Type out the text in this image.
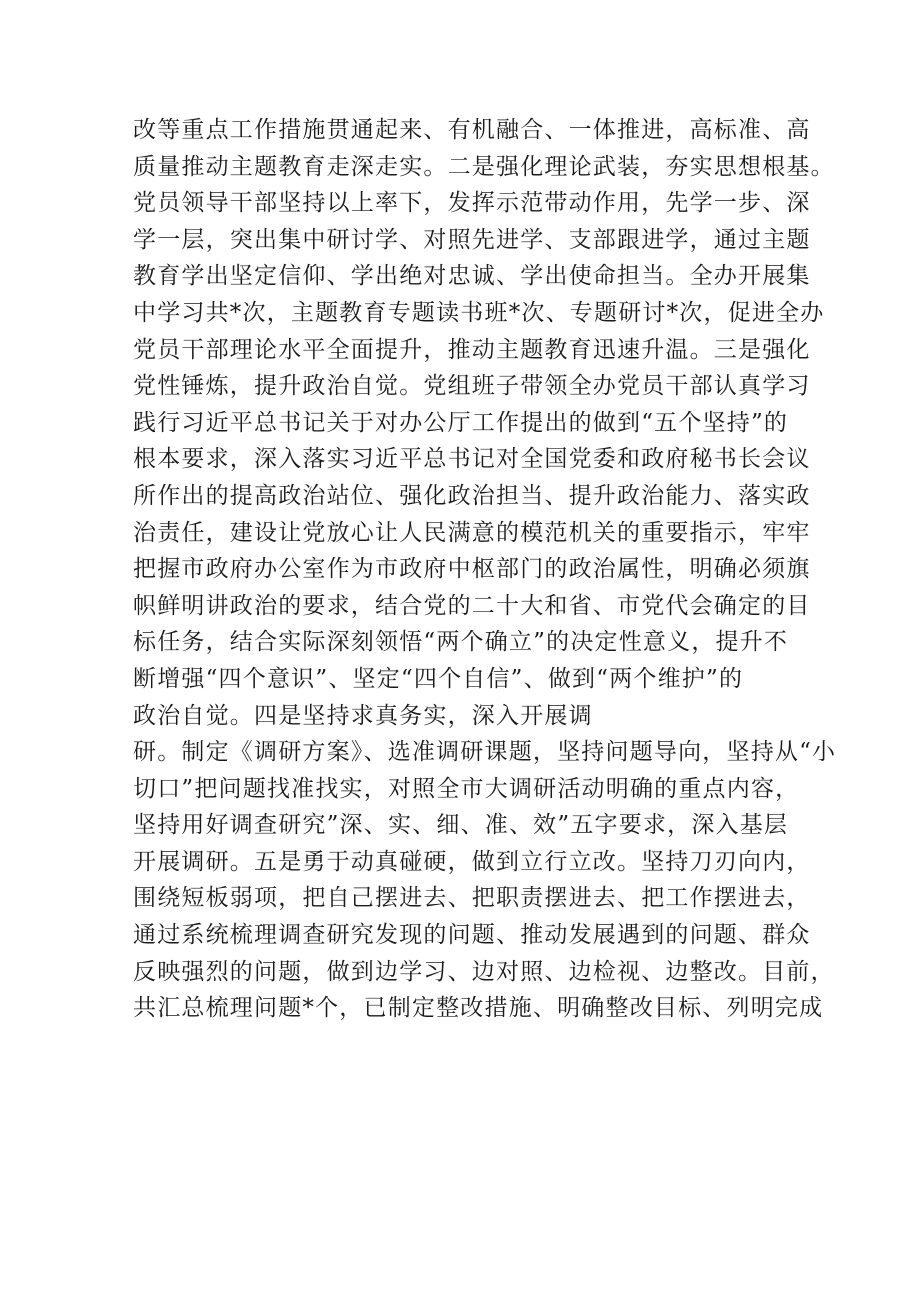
改等重点工作措施贯通起来、有机融合、一体推进，高标准、高
质量推动主题教育走深走实。二是强化理论武装，夯实思想根基。
党员领导干部坚持以上率下，发挥示范带动作用，先学一步、深
学一层，突出集中研讨学、对照先进学、支部跟进学，通过主题
教育学出坚定信仰、学出绝对忠诚、学出使命担当。全办开展集
中学习共*次，主题教育专题读书班*次、专题研讨*次，促进全办
党员干部理论水平全面提升，推动主题教育迅速升温。三是强化
党性锤炼，提升政治自觉。党组班子带领全办党员干部认真学习
践行习近平总书记关于对办公厅工作提出的做到“五个坚持”的
根本要求，深入落实习近平总书记对全国党委和政府秘书长会议
所作出的提高政治站位、强化政治担当、提升政治能力、落实政
治责任，建设让党放心让人民满意的模范机关的重要指示，牢牢
把握市政府办公室作为市政府中枢部门的政治属性，明确必须旗
帜鲜明讲政治的要求，结合党的二十大和省、市党代会确定的目
标任务，结合实际深刻领悟“两个确立”的决定性意义，提升不
断增强“四个意识”、坚定“四个自信”、做到“两个维护”的
政治自觉。四是坚持求真务实，深入开展调
研。制定《调研方案》、选准调研课题，坚持问题导向，坚持从“小
切口”把问题找准找实，对照全市大调研活动明确的重点内容，
坚持用好调查研究”深、实、细、准、效”五字要求，深入基层
开展调研。五是勇于动真碰硬，做到立行立改。坚持刀刃向内，
围绕短板弱项，把自己摆进去、把职责摆进去、把工作摆进去，
通过系统梳理调查研究发现的问题、推动发展遇到的问题、群众
反映强烈的问题，做到边学习、边对照、边检视、边整改。目前，
共汇总梳理问题*个，已制定整改措施、明确整改目标、列明完成
